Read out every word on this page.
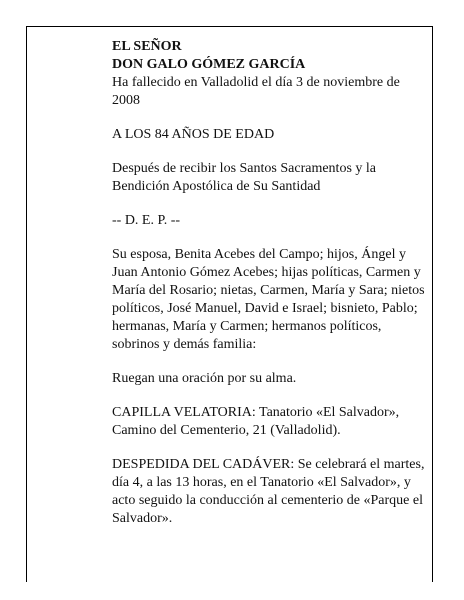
EL SEÑOR
DON GALO GÓMEZ GARCÍA
Ha fallecido en Valladolid el día 3 de noviembre de
2008
A LOS 84 AÑOS DE EDAD
Después de recibir los Santos Sacramentos y la
Bendición Apostólica de Su Santidad
-- D. E. P. --
Su esposa, Benita Acebes del Campo; hijos, Ángel y
Juan Antonio Gómez Acebes; hijas políticas, Carmen y
María del Rosario; nietas, Carmen, María y Sara; nietos
políticos, José Manuel, David e Israel; bisnieto, Pablo;
hermanas, María y Carmen; hermanos políticos,
sobrinos y demás familia:
Ruegan una oración por su alma.
CAPILLA VELATORIA: Tanatorio «El Salvador»,
Camino del Cementerio, 21 (Valladolid).
DESPEDIDA DEL CADÁVER: Se celebrará el martes,
día 4, a las 13 horas, en el Tanatorio «El Salvador», y
acto seguido la conducción al cementerio de «Parque el
Salvador».
